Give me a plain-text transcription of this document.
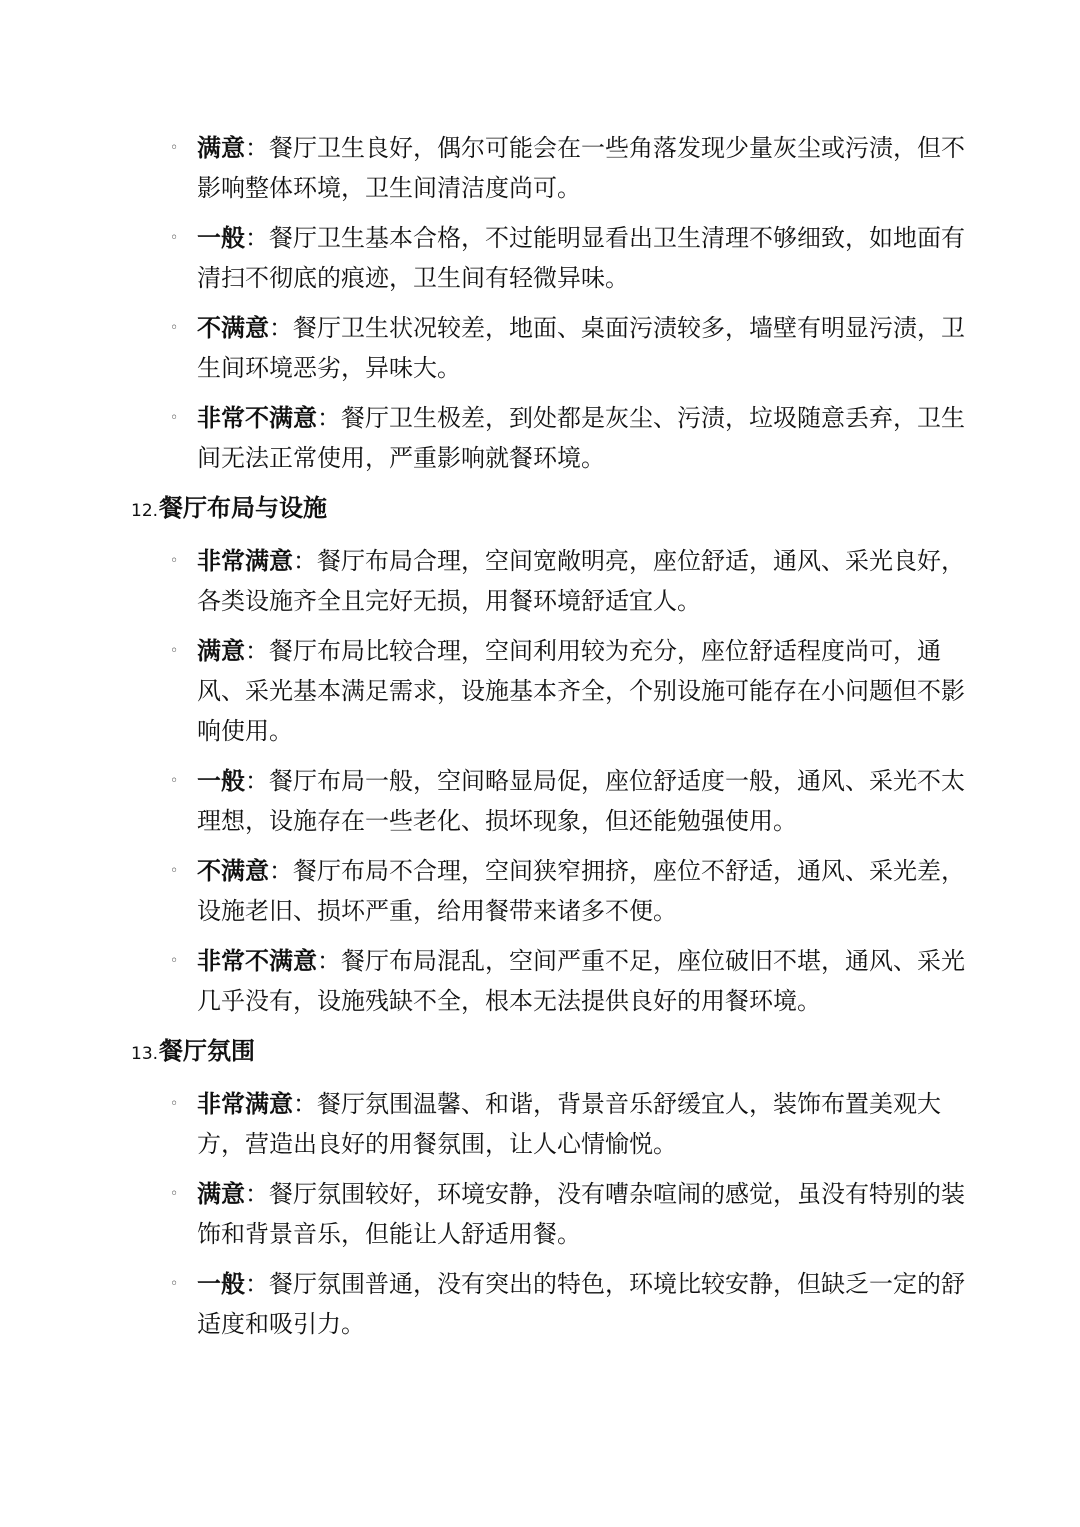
◦ 满意：餐厅卫生良好，偶尔可能会在一些角落发现少量灰尘或污渍，但不影响整体环境，卫生间清洁度尚可。
◦ 一般：餐厅卫生基本合格，不过能明显看出卫生清理不够细致，如地面有清扫不彻底的痕迹，卫生间有轻微异味。
◦ 不满意：餐厅卫生状况较差，地面、桌面污渍较多，墙壁有明显污渍，卫生间环境恶劣，异味大。
◦ 非常不满意：餐厅卫生极差，到处都是灰尘、污渍，垃圾随意丢弃，卫生间无法正常使用，严重影响就餐环境。
12.餐厅布局与设施
◦ 非常满意：餐厅布局合理，空间宽敞明亮，座位舒适，通风、采光良好，各类设施齐全且完好无损，用餐环境舒适宜人。
◦ 满意：餐厅布局比较合理，空间利用较为充分，座位舒适程度尚可，通风、采光基本满足需求，设施基本齐全，个别设施可能存在小问题但不影响使用。
◦ 一般：餐厅布局一般，空间略显局促，座位舒适度一般，通风、采光不太理想，设施存在一些老化、损坏现象，但还能勉强使用。
◦ 不满意：餐厅布局不合理，空间狭窄拥挤，座位不舒适，通风、采光差，设施老旧、损坏严重，给用餐带来诸多不便。
◦ 非常不满意：餐厅布局混乱，空间严重不足，座位破旧不堪，通风、采光几乎没有，设施残缺不全，根本无法提供良好的用餐环境。
13.餐厅氛围
◦ 非常满意：餐厅氛围温馨、和谐，背景音乐舒缓宜人，装饰布置美观大方，营造出良好的用餐氛围，让人心情愉悦。
◦ 满意：餐厅氛围较好，环境安静，没有嘈杂喧闹的感觉，虽没有特别的装饰和背景音乐，但能让人舒适用餐。
◦ 一般：餐厅氛围普通，没有突出的特色，环境比较安静，但缺乏一定的舒适度和吸引力。
